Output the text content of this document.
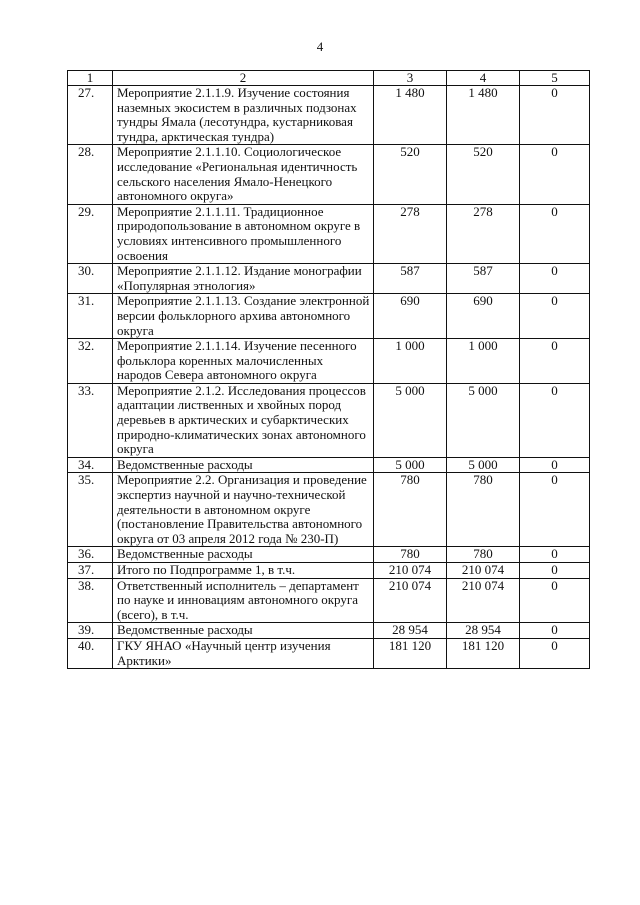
4
1	2	3	4	5
27.	Мероприятие 2.1.1.9. Изучение состояния наземных экосистем в различных подзонах тундры Ямала (лесотундра, кустарниковая тундра, арктическая тундра)	1 480	1 480	0
28.	Мероприятие 2.1.1.10. Социологическое исследование «Региональная идентичность сельского населения Ямало-Ненецкого автономного округа»	520	520	0
29.	Мероприятие 2.1.1.11. Традиционное природопользование в автономном округе в условиях интенсивного промышленного освоения	278	278	0
30.	Мероприятие 2.1.1.12. Издание монографии «Популярная этнология»	587	587	0
31.	Мероприятие 2.1.1.13. Создание электронной версии фольклорного архива автономного округа	690	690	0
32.	Мероприятие 2.1.1.14. Изучение песенного фольклора коренных малочисленных народов Севера автономного округа	1 000	1 000	0
33.	Мероприятие 2.1.2. Исследования процессов адаптации лиственных и хвойных пород деревьев в арктических и субарктических природно-климатических зонах автономного округа	5 000	5 000	0
34.	Ведомственные расходы	5 000	5 000	0
35.	Мероприятие 2.2. Организация и проведение экспертиз научной и научно-технической деятельности в автономном округе (постановление Правительства автономного округа от 03 апреля 2012 года № 230-П)	780	780	0
36.	Ведомственные расходы	780	780	0
37.	Итого по Подпрограмме 1, в т.ч.	210 074	210 074	0
38.	Ответственный исполнитель – департамент по науке и инновациям автономного округа (всего), в т.ч.	210 074	210 074	0
39.	Ведомственные расходы	28 954	28 954	0
40.	ГКУ ЯНАО «Научный центр изучения Арктики»	181 120	181 120	0
